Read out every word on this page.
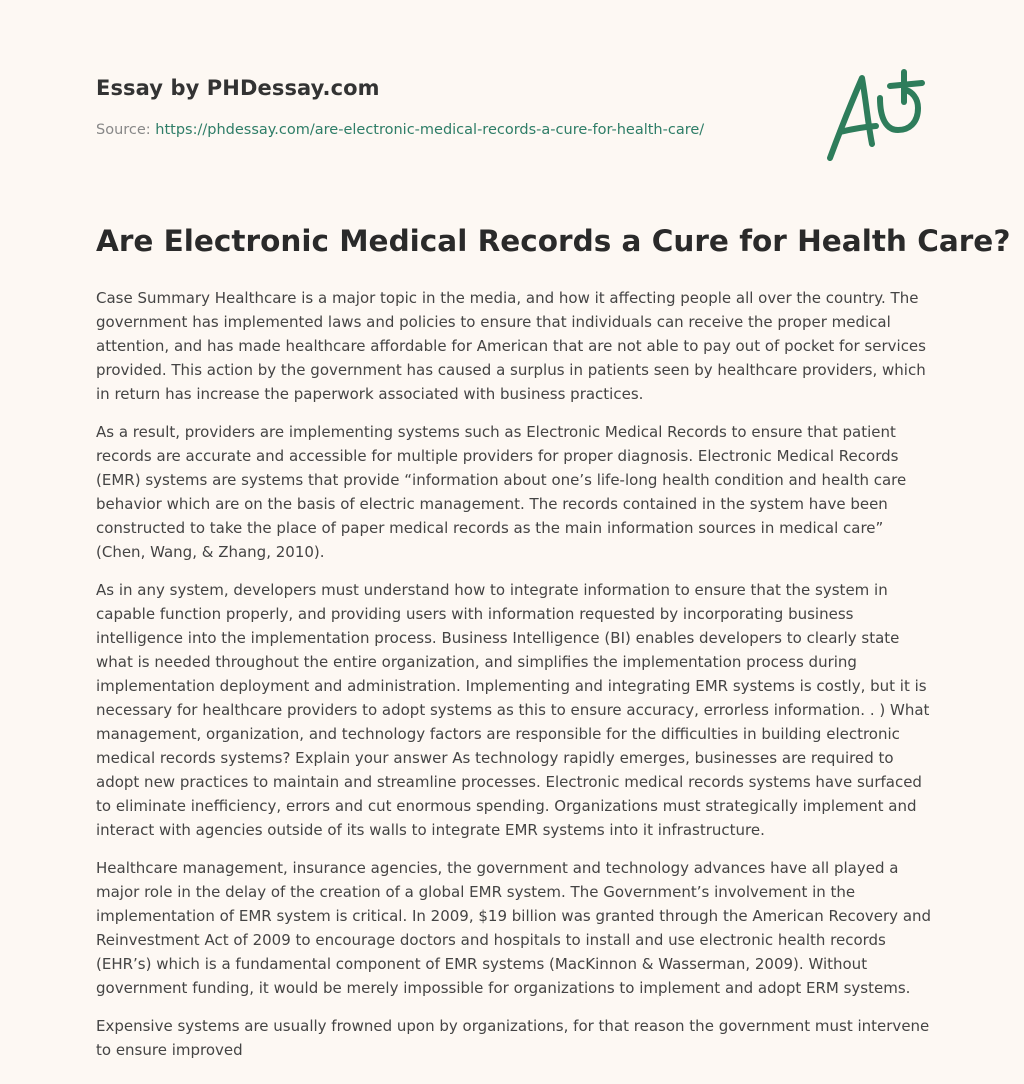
Essay by PHDessay.com
Source: https://phdessay.com/are-electronic-medical-records-a-cure-for-health-care/
Are Electronic Medical Records a Cure for Health Care?

Case Summary Healthcare is a major topic in the media, and how it affecting people all over the country. The government has implemented laws and policies to ensure that individuals can receive the proper medical attention, and has made healthcare affordable for American that are not able to pay out of pocket for services provided. This action by the government has caused a surplus in patients seen by healthcare providers, which in return has increase the paperwork associated with business practices.

As a result, providers are implementing systems such as Electronic Medical Records to ensure that patient records are accurate and accessible for multiple providers for proper diagnosis. Electronic Medical Records (EMR) systems are systems that provide “information about one’s life-long health condition and health care behavior which are on the basis of electric management. The records contained in the system have been constructed to take the place of paper medical records as the main information sources in medical care” (Chen, Wang, & Zhang, 2010).

As in any system, developers must understand how to integrate information to ensure that the system in capable function properly, and providing users with information requested by incorporating business intelligence into the implementation process. Business Intelligence (BI) enables developers to clearly state what is needed throughout the entire organization, and simplifies the implementation process during implementation deployment and administration. Implementing and integrating EMR systems is costly, but it is necessary for healthcare providers to adopt systems as this to ensure accuracy, errorless information. . ) What management, organization, and technology factors are responsible for the difficulties in building electronic medical records systems? Explain your answer As technology rapidly emerges, businesses are required to adopt new practices to maintain and streamline processes. Electronic medical records systems have surfaced to eliminate inefficiency, errors and cut enormous spending. Organizations must strategically implement and interact with agencies outside of its walls to integrate EMR systems into it infrastructure.

Healthcare management, insurance agencies, the government and technology advances have all played a major role in the delay of the creation of a global EMR system. The Government’s involvement in the implementation of EMR system is critical. In 2009, $19 billion was granted through the American Recovery and Reinvestment Act of 2009 to encourage doctors and hospitals to install and use electronic health records (EHR’s) which is a fundamental component of EMR systems (MacKinnon & Wasserman, 2009). Without government funding, it would be merely impossible for organizations to implement and adopt ERM systems.

Expensive systems are usually frowned upon by organizations, for that reason the government must intervene to ensure improved
